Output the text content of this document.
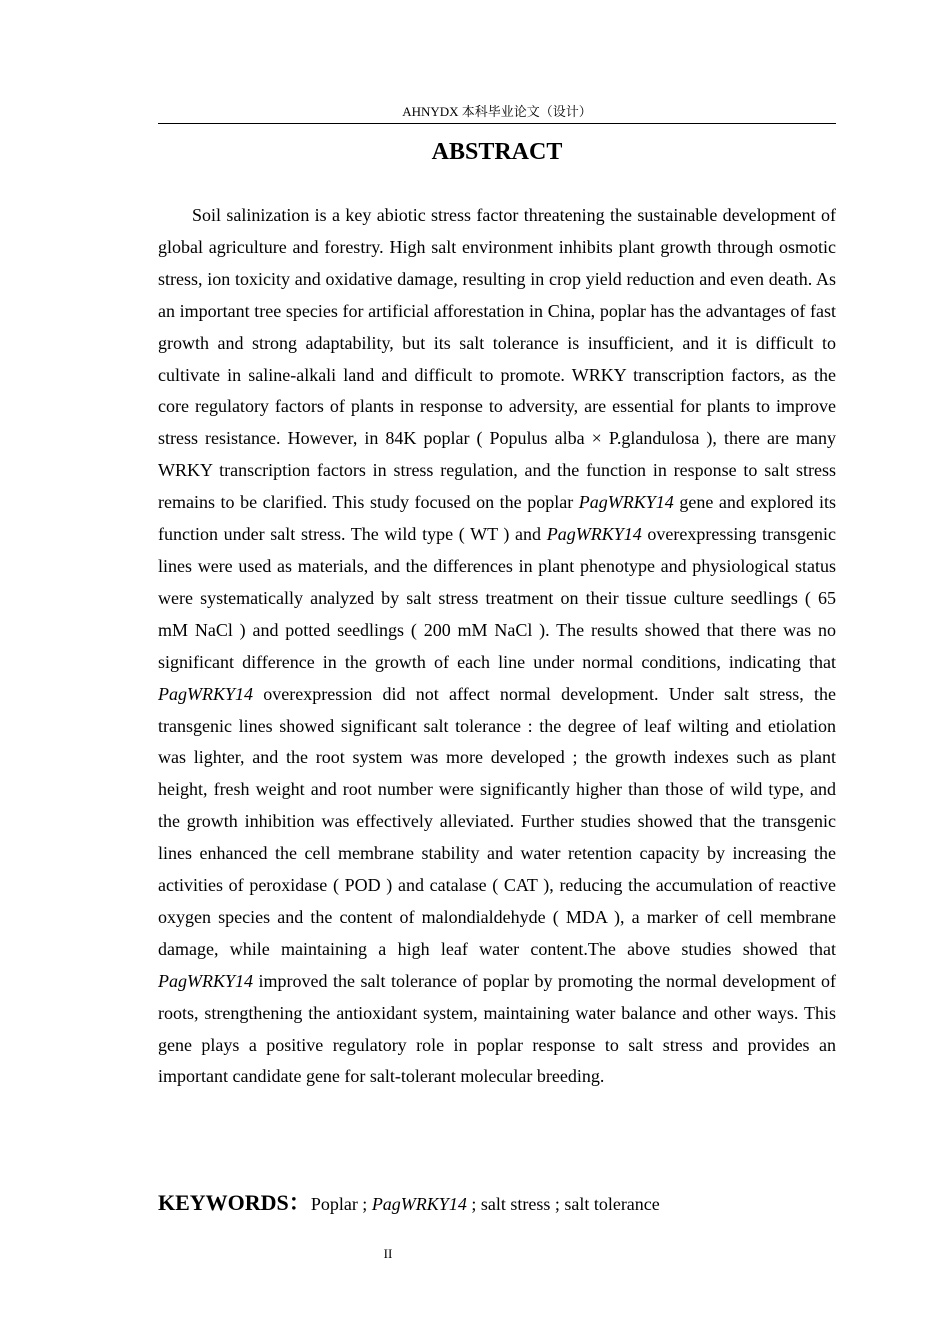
AHNYDX 本科毕业论文（设计）
ABSTRACT

Soil salinization is a key abiotic stress factor threatening the sustainable development of global agriculture and forestry. High salt environment inhibits plant growth through osmotic stress, ion toxicity and oxidative damage, resulting in crop yield reduction and even death. As an important tree species for artificial afforestation in China, poplar has the advantages of fast growth and strong adaptability, but its salt tolerance is insufficient, and it is difficult to cultivate in saline-alkali land and difficult to promote. WRKY transcription factors, as the core regulatory factors of plants in response to adversity, are essential for plants to improve stress resistance. However, in 84K poplar ( Populus alba × P.glandulosa ), there are many WRKY transcription factors in stress regulation, and the function in response to salt stress remains to be clarified. This study focused on the poplar PagWRKY14 gene and explored its function under salt stress. The wild type ( WT ) and PagWRKY14 overexpressing transgenic lines were used as materials, and the differences in plant phenotype and physiological status were systematically analyzed by salt stress treatment on their tissue culture seedlings ( 65 mM NaCl ) and potted seedlings ( 200 mM NaCl ). The results showed that there was no significant difference in the growth of each line under normal conditions, indicating that PagWRKY14 overexpression did not affect normal development. Under salt stress, the transgenic lines showed significant salt tolerance : the degree of leaf wilting and etiolation was lighter, and the root system was more developed ; the growth indexes such as plant height, fresh weight and root number were significantly higher than those of wild type, and the growth inhibition was effectively alleviated. Further studies showed that the transgenic lines enhanced the cell membrane stability and water retention capacity by increasing the activities of peroxidase ( POD ) and catalase ( CAT ), reducing the accumulation of reactive oxygen species and the content of malondialdehyde ( MDA ), a marker of cell membrane damage, while maintaining a high leaf water content.The above studies showed that PagWRKY14 improved the salt tolerance of poplar by promoting the normal development of roots, strengthening the antioxidant system, maintaining water balance and other ways. This gene plays a positive regulatory role in poplar response to salt stress and provides an important candidate gene for salt-tolerant molecular breeding.

KEYWORDS：Poplar ; PagWRKY14 ; salt stress ; salt tolerance
II
